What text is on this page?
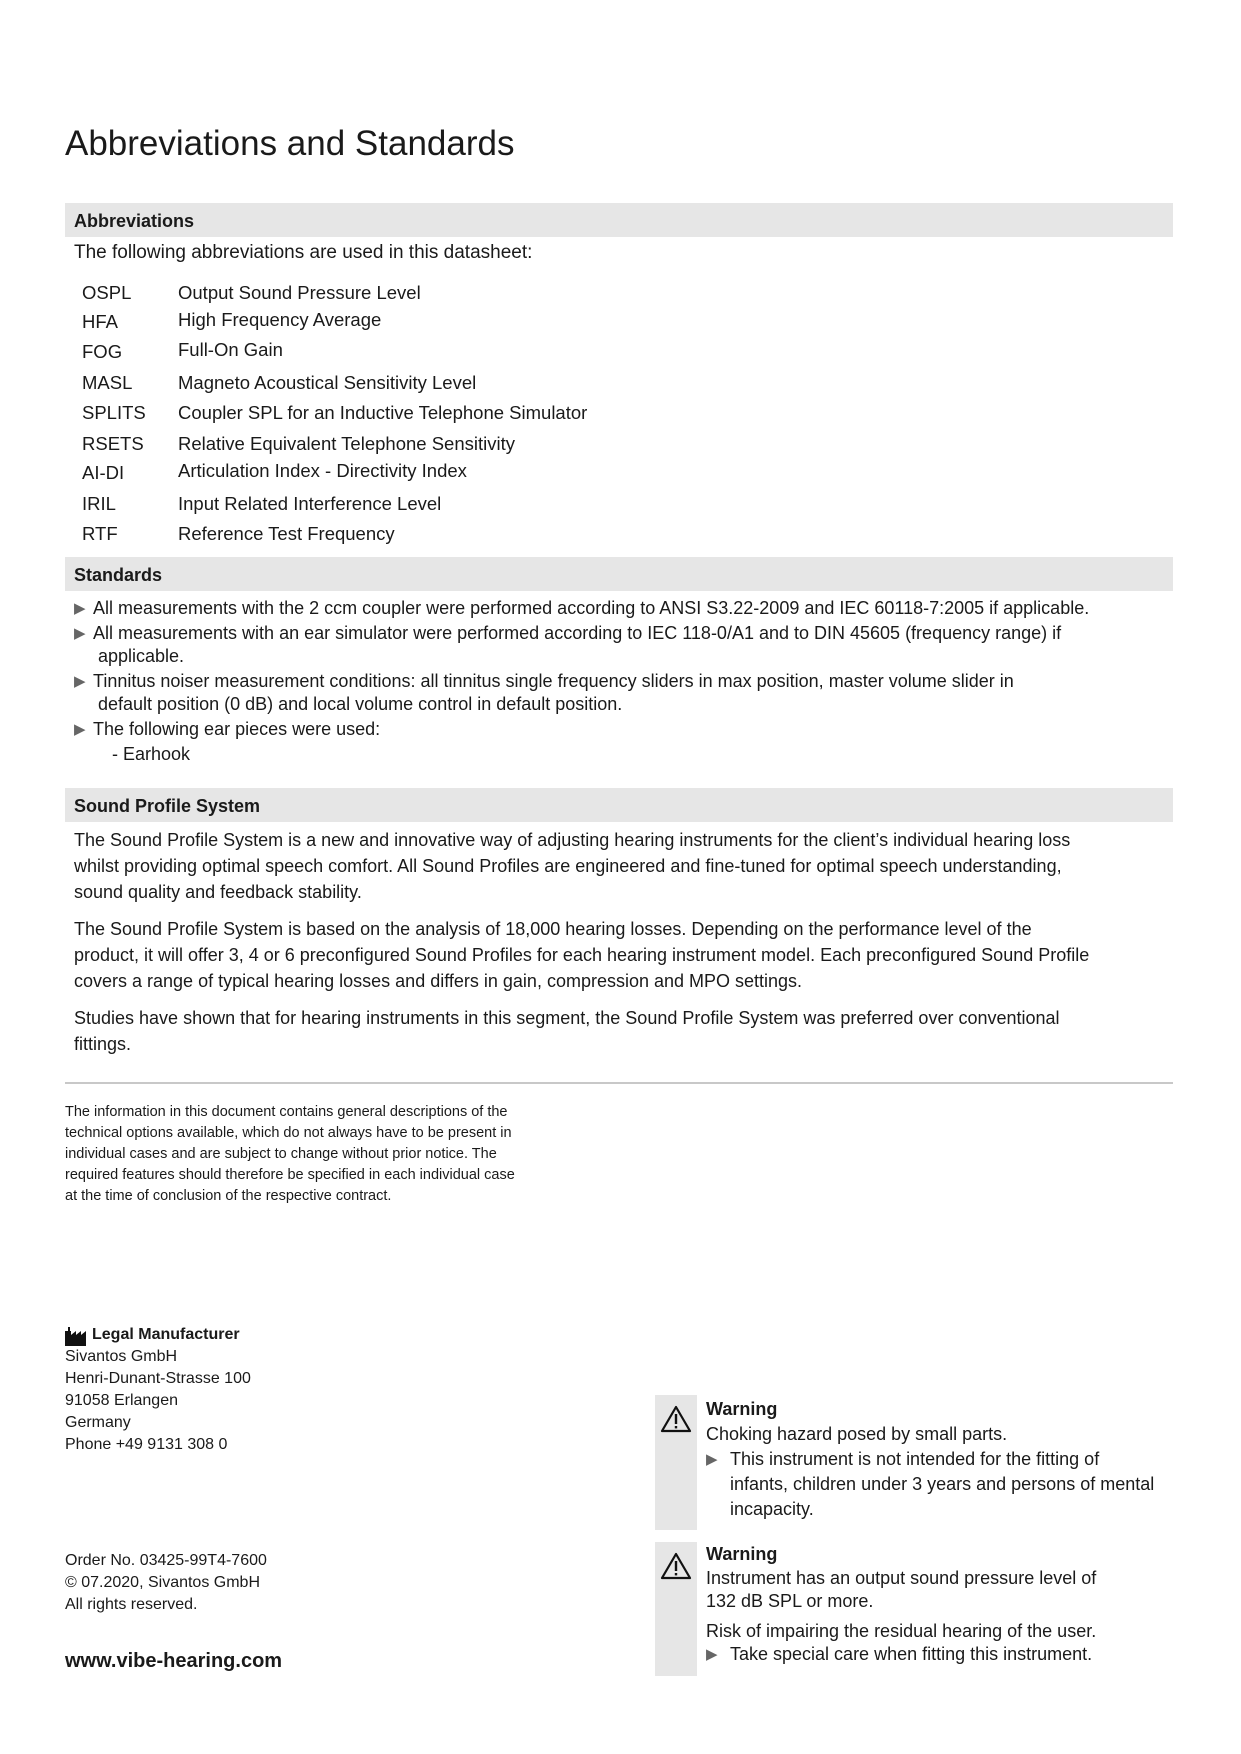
Abbreviations and Standards
Abbreviations
The following abbreviations are used in this datasheet:
OSPL	Output Sound Pressure Level
HFA	High Frequency Average
FOG	Full-On Gain
MASL Magneto Acoustical Sensitivity Level
SPLITS Coupler SPL for an Inductive Telephone Simulator
RSETS Relative Equivalent Telephone Sensitivity
AI-DI	Articulation Index - Directivity Index
IRIL	Input Related Interference Level
RTF	Reference Test Frequency
Standards
▶ All measurements with the 2 ccm coupler were performed according to ANSI S3.22-2009 and IEC 60118-7:2005 if applicable.
▶ All measurements with an ear simulator were performed according to IEC 118-0/A1 and to DIN 45605 (frequency range) if
applicable.
▶ Tinnitus noiser measurement conditions: all tinnitus single frequency sliders in max position, master volume slider in
default position (0 dB) and local volume control in default position.
▶ The following ear pieces were used:
- Earhook
Sound Profile System
The Sound Profile System is a new and innovative way of adjusting hearing instruments for the client’s individual hearing loss
whilst providing optimal speech comfort. All Sound Profiles are engineered and fine-tuned for optimal speech understanding,
sound quality and feedback stability.
The Sound Profile System is based on the analysis of 18,000 hearing losses. Depending on the performance level of the
product, it will offer 3, 4 or 6 preconfigured Sound Profiles for each hearing instrument model. Each preconfigured Sound Profile
covers a range of typical hearing losses and differs in gain, compression and MPO settings.
Studies have shown that for hearing instruments in this segment, the Sound Profile System was preferred over conventional
fittings.
The information in this document contains general descriptions of the
technical options available, which do not always have to be present in
individual cases and are subject to change without prior notice. The
required features should therefore be specified in each individual case
at the time of conclusion of the respective contract.
Legal Manufacturer
Sivantos GmbH
Henri-Dunant-Strasse 100
91058 Erlangen
Germany
Phone +49 9131 308 0
Order No. 03425-99T4-7600
© 07.2020, Sivantos GmbH
All rights reserved.
www.vibe-hearing.com
Warning
Choking hazard posed by small parts.
▶ This instrument is not intended for the fitting of
infants, children under 3 years and persons of mental
incapacity.
Warning
Instrument has an output sound pressure level of
132 dB SPL or more.
Risk of impairing the residual hearing of the user.
▶ Take special care when fitting this instrument.
